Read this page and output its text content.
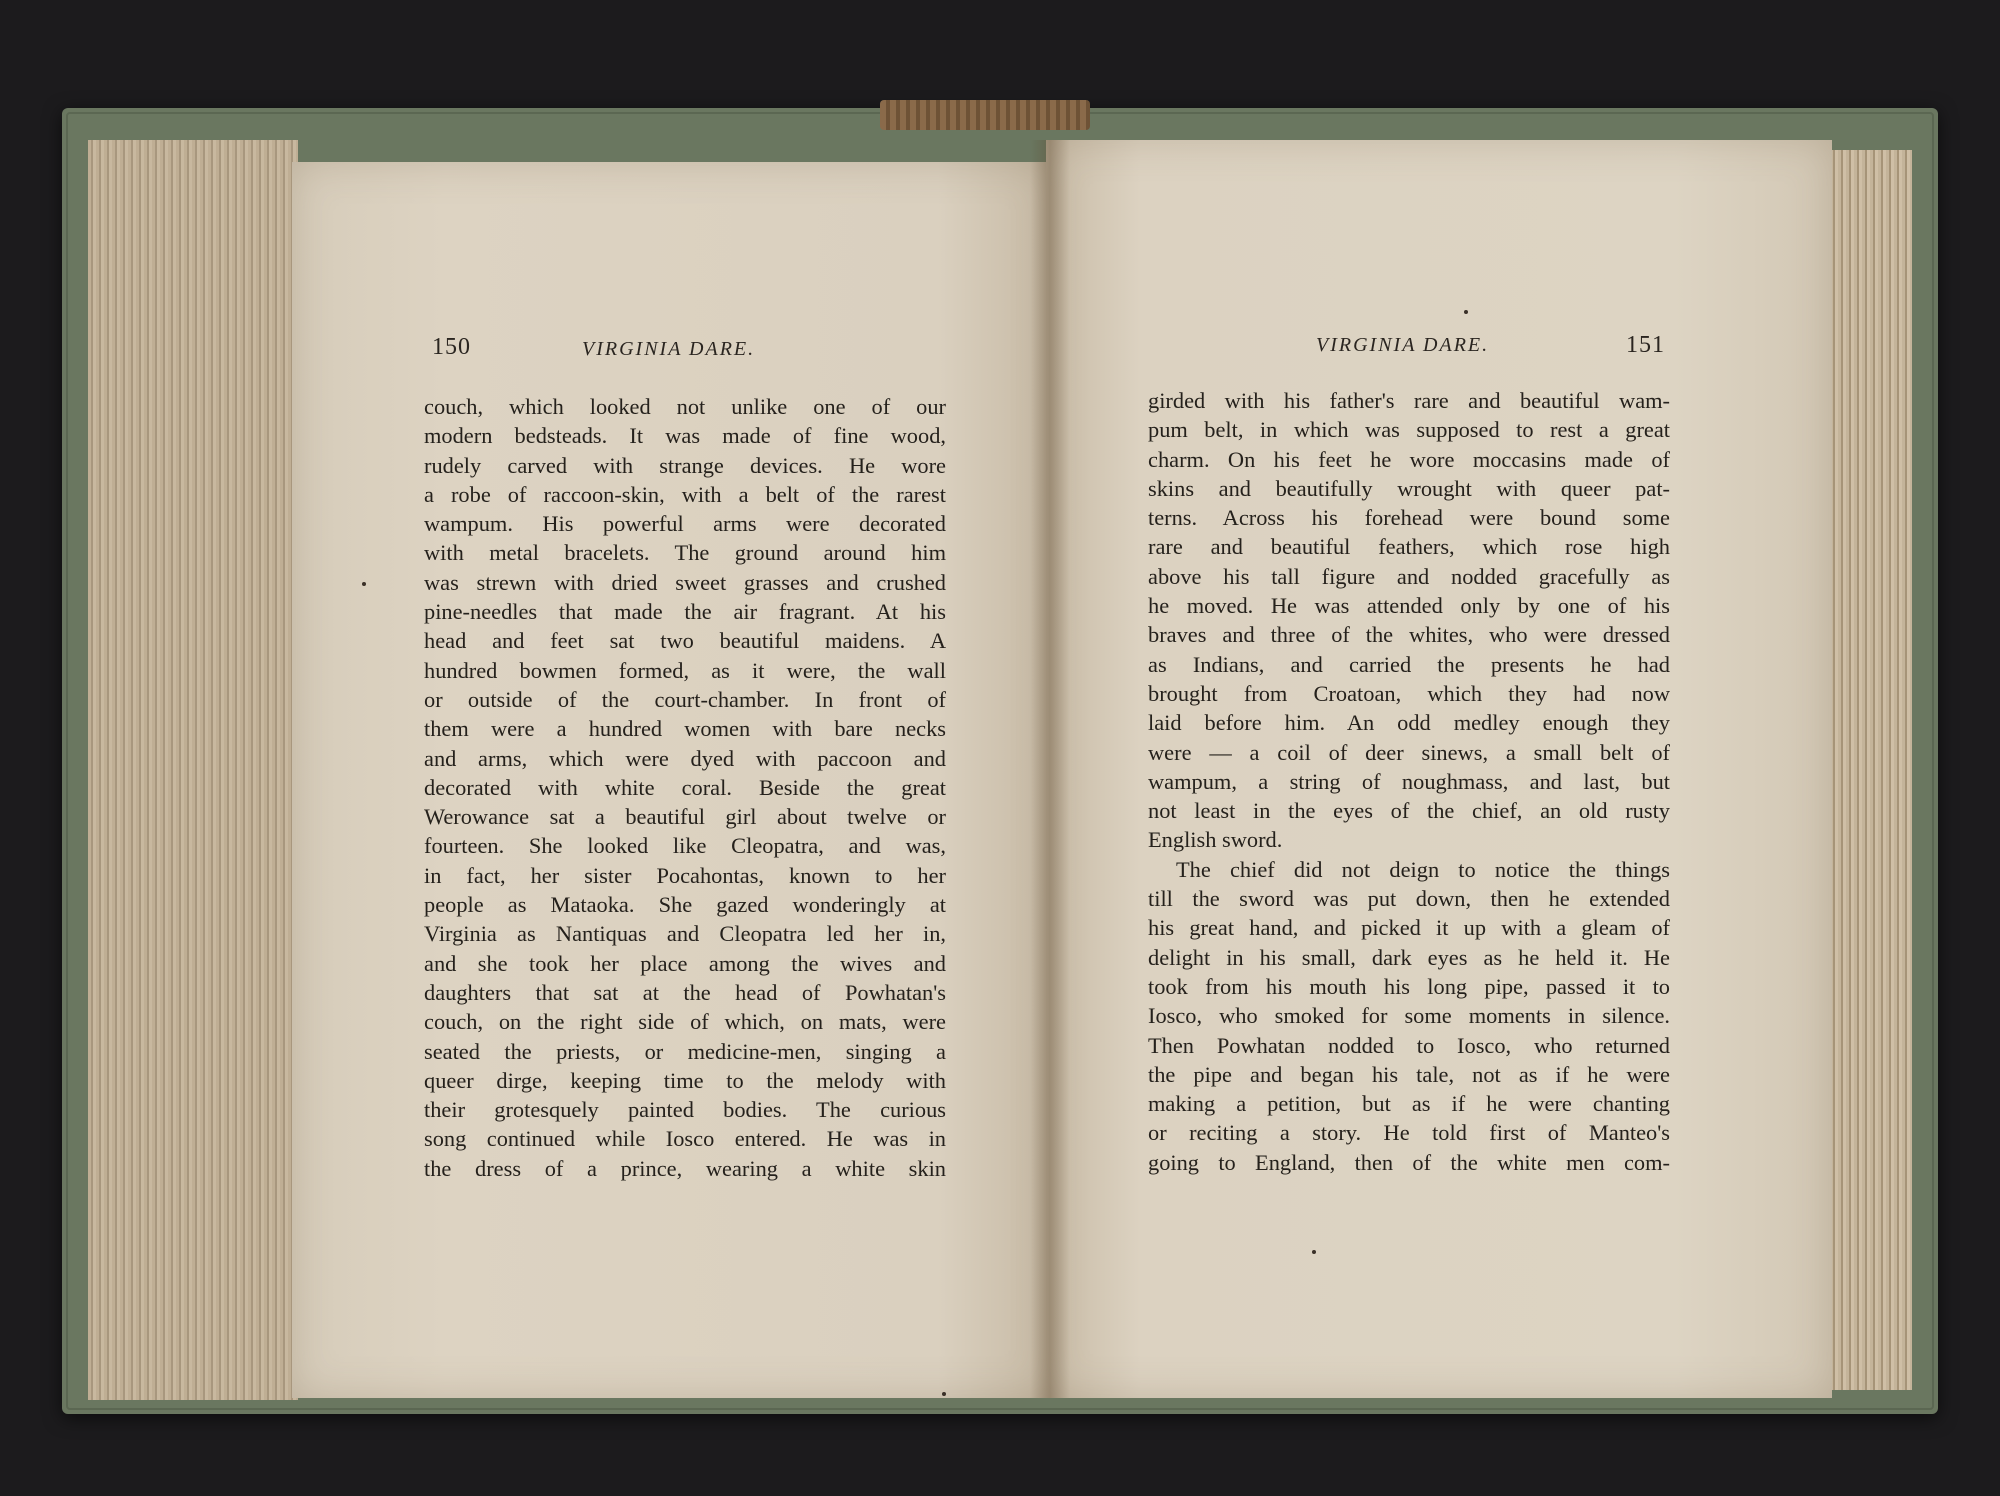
150	VIRGINIA DARE.	VIRGINIA DARE.	151
couch, which looked not unlike one of our
modern bedsteads. It was made of fine wood,
rudely carved with strange devices. He wore
a robe of raccoon-skin, with a belt of the rarest
wampum. His powerful arms were decorated
with metal bracelets. The ground around him
was strewn with dried sweet grasses and crushed
pine-needles that made the air fragrant. At his
head and feet sat two beautiful maidens. A
hundred bowmen formed, as it were, the wall
or outside of the court-chamber. In front of
them were a hundred women with bare necks
and arms, which were dyed with paccoon and
decorated with white coral. Beside the great
Werowance sat a beautiful girl about twelve or
fourteen. She looked like Cleopatra, and was,
in fact, her sister Pocahontas, known to her
people as Mataoka. She gazed wonderingly at
Virginia as Nantiquas and Cleopatra led her in,
and she took her place among the wives and
daughters that sat at the head of Powhatan's
couch, on the right side of which, on mats, were
seated the priests, or medicine-men, singing a
queer dirge, keeping time to the melody with
their grotesquely painted bodies. The curious
song continued while Iosco entered. He was in
the dress of a prince, wearing a white skin
girded with his father's rare and beautiful wam-
pum belt, in which was supposed to rest a great
charm. On his feet he wore moccasins made of
skins and beautifully wrought with queer pat-
terns. Across his forehead were bound some
rare and beautiful feathers, which rose high
above his tall figure and nodded gracefully as
he moved. He was attended only by one of his
braves and three of the whites, who were dressed
as Indians, and carried the presents he had
brought from Croatoan, which they had now
laid before him. An odd medley enough they
were — a coil of deer sinews, a small belt of
wampum, a string of noughmass, and last, but
not least in the eyes of the chief, an old rusty
English sword.
The chief did not deign to notice the things
till the sword was put down, then he extended
his great hand, and picked it up with a gleam of
delight in his small, dark eyes as he held it. He
took from his mouth his long pipe, passed it to
Iosco, who smoked for some moments in silence.
Then Powhatan nodded to Iosco, who returned
the pipe and began his tale, not as if he were
making a petition, but as if he were chanting
or reciting a story. He told first of Manteo's
going to England, then of the white men com-
